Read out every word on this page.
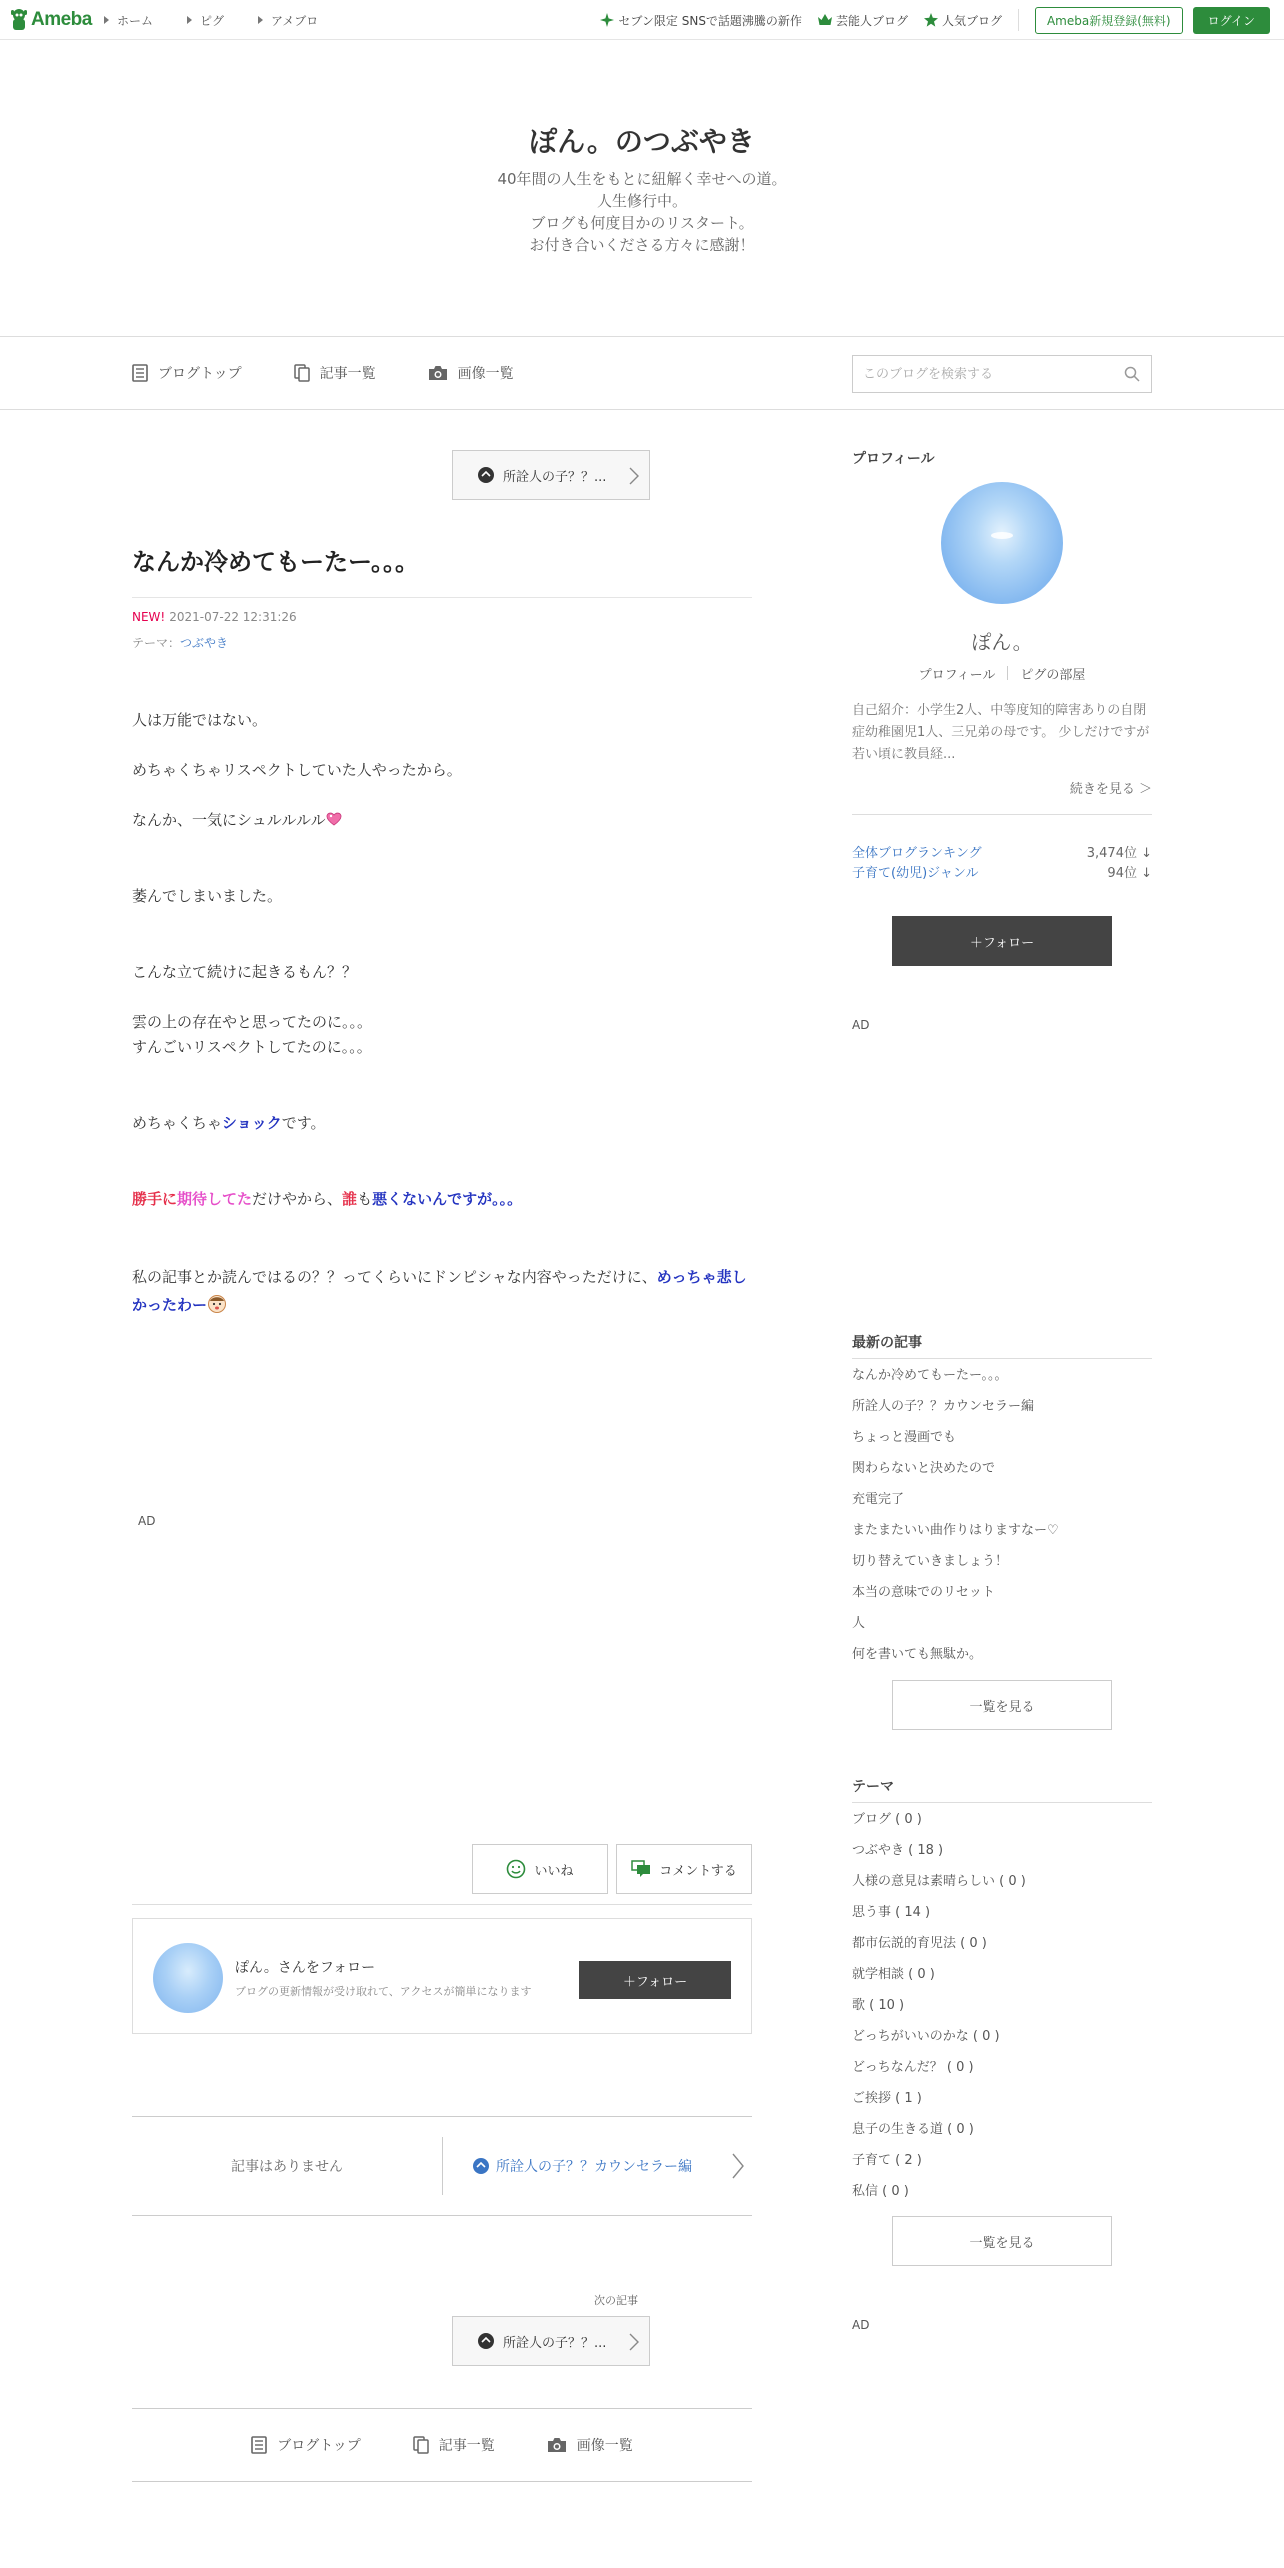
Ameba ホーム	ピグ	アメブロ	セブン限定 SNSで話題沸騰の新作	芸能人ブログ	人気ブログ	Ameba新規登録(無料)	ログイン
ぽん。のつぶやき
40年間の人生をもとに紐解く幸せへの道。
人生修行中。
ブログも何度目かのリスタート。
お付き合いくださる方々に感謝！
ブログトップ	記事一覧	画像一覧
このブログを検索する
所詮人の子？？...
なんか冷めてもーたー。。。
NEW! 2021-07-22 12:31:26
テーマ：つぶやき

人は万能ではない。

めちゃくちゃリスペクトしていた人やったから。

なんか、一気にシュルルルル

萎んでしまいました。

こんな立て続けに起きるもん？？

雲の上の存在やと思ってたのに。。。

すんごいリスペクトしてたのに。。。

めちゃくちゃショックです。

勝手に期待してただけやから、誰も悪くないんですが。。。

私の記事とか読んではるの？？ってくらいにドンピシャな内容やっただけに、めっちゃ悲しかったわー

AD
いいね	コメントする
ぽん。さんをフォロー
ブログの更新情報が受け取れて、アクセスが簡単になります
＋フォロー
記事はありません	所詮人の子？？カウンセラー編
次の記事
所詮人の子？？...
ブログトップ	記事一覧	画像一覧
プロフィール
ぽん。
プロフィール ピグの部屋
自己紹介：小学生2人、中等度知的障害ありの自閉症幼稚園児1人、三兄弟の母です。 少しだけですが若い頃に教員経...
続きを見る ＞
全体ブログランキング	3,474位 ↓
子育て(幼児)ジャンル	94位 ↓
＋フォロー
AD
最新の記事
なんか冷めてもーたー。。。
所詮人の子？？カウンセラー編
ちょっと漫画でも
関わらないと決めたので
充電完了
またまたいい曲作りはりますなー♡
切り替えていきましょう！
本当の意味でのリセット
人
何を書いても無駄か。
一覧を見る
テーマ
ブログ ( 0 )
つぶやき ( 18 )
人様の意見は素晴らしい ( 0 )
思う事 ( 14 )
都市伝説的育児法 ( 0 )
就学相談 ( 0 )
歌 ( 10 )
どっちがいいのかな ( 0 )
どっちなんだ？ ( 0 )
ご挨拶 ( 1 )
息子の生きる道 ( 0 )
子育て ( 2 )
私信 ( 0 )
一覧を見る
AD
